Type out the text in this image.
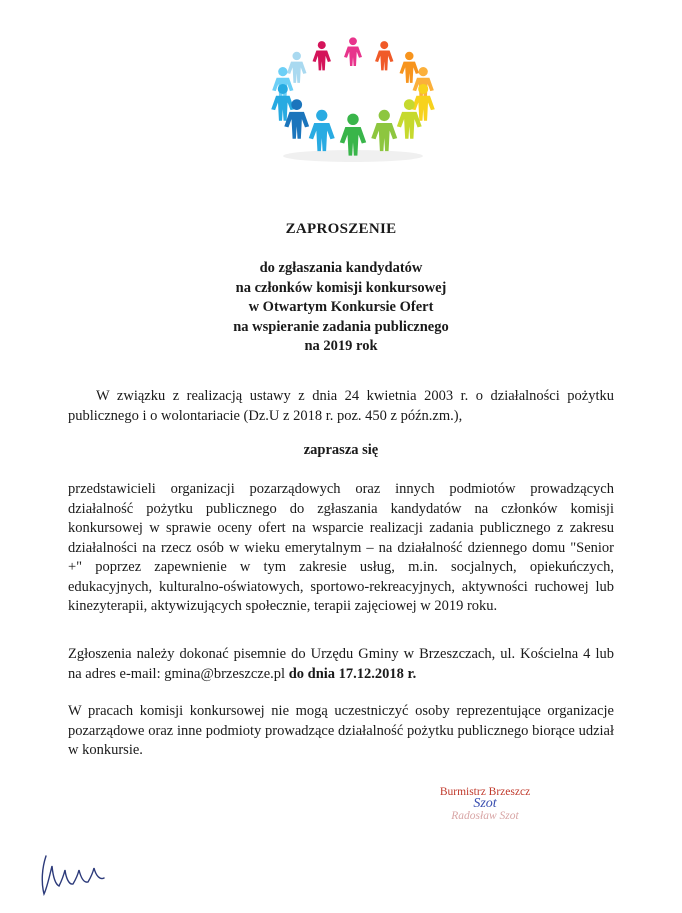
ZAPROSZENIE
do zgłaszania kandydatów
na członków komisji konkursowej
w Otwartym Konkursie Ofert
na wspieranie zadania publicznego
na 2019 rok
W związku z realizacją ustawy z dnia 24 kwietnia 2003 r. o działalności pożytku publicznego i o wolontariacie (Dz.U z 2018 r. poz. 450 z późn.zm.),
zaprasza się
przedstawicieli organizacji pozarządowych oraz innych podmiotów prowadzących działalność pożytku publicznego do zgłaszania kandydatów na członków komisji konkursowej w sprawie oceny ofert na wsparcie realizacji zadania publicznego z zakresu działalności na rzecz osób w wieku emerytalnym – na działalność dziennego domu "Senior +" poprzez zapewnienie w tym zakresie usług, m.in. socjalnych, opiekuńczych, edukacyjnych, kulturalno-oświatowych, sportowo-rekreacyjnych, aktywności ruchowej lub kinezyterapii, aktywizujących społecznie, terapii zajęciowej w 2019 roku.
Zgłoszenia należy dokonać pisemnie do Urzędu Gminy w Brzeszczach, ul. Kościelna 4 lub na adres e-mail: gmina@brzeszcze.pl do dnia 17.12.2018 r.
W pracach komisji konkursowej nie mogą uczestniczyć osoby reprezentujące organizacje pozarządowe oraz inne podmioty prowadzące działalność pożytku publicznego biorące udział w konkursie.
Burmistrz Brzeszcz
Szot
Radosław Szot
